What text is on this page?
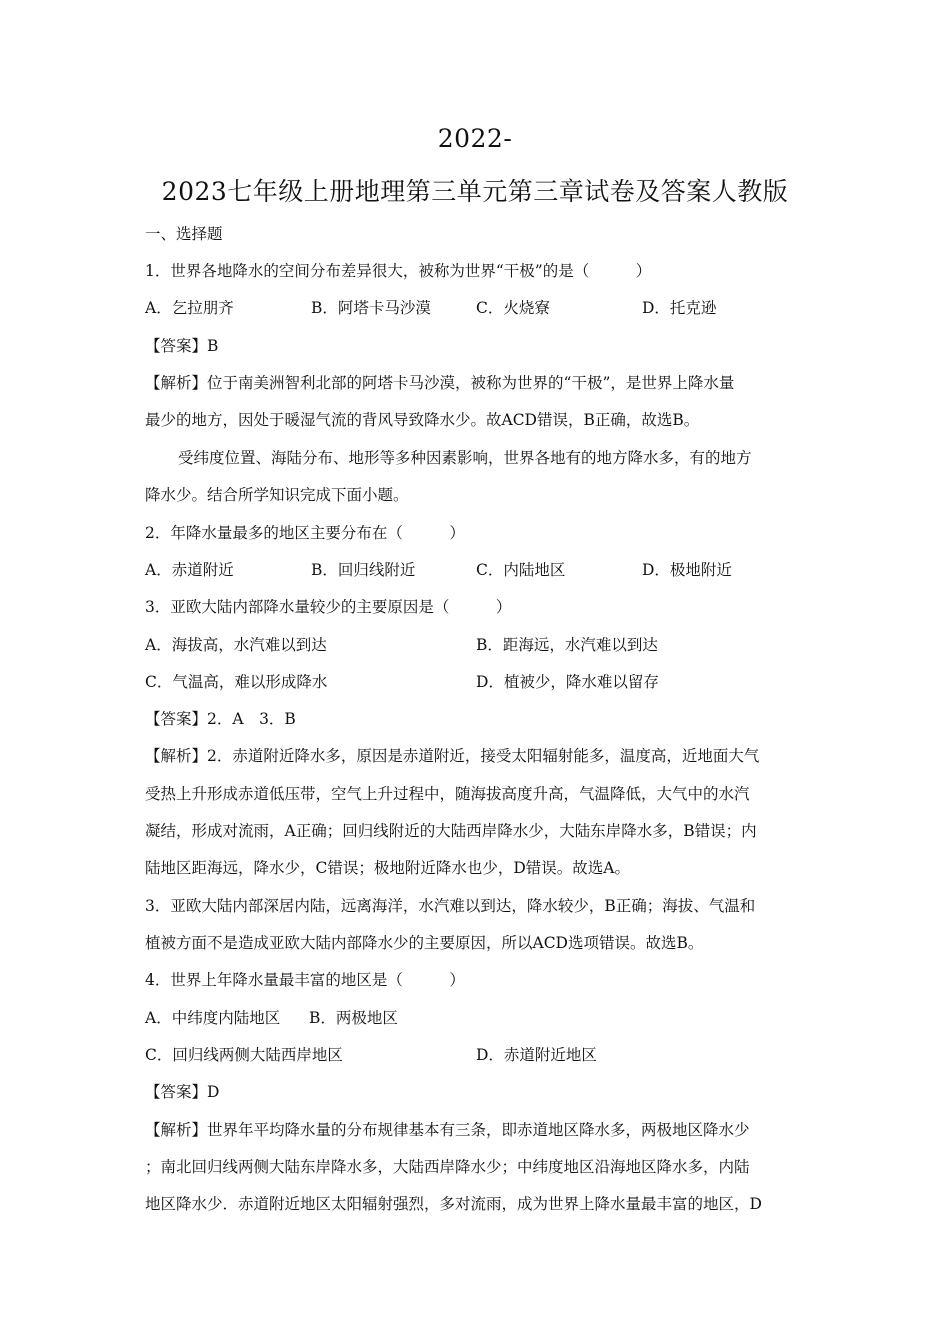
2022-
2023七年级上册地理第三单元第三章试卷及答案人教版
一、选择题
1．世界各地降水的空间分布差异很大，被称为世界“干极”的是（　　　）
A．乞拉朋齐	B．阿塔卡马沙漠	C．火烧寮	D．托克逊
【答案】B
【解析】位于南美洲智利北部的阿塔卡马沙漠，被称为世界的“干极”，是世界上降水量
最少的地方，因处于暖湿气流的背风导致降水少。故ACD错误，B正确，故选B。
受纬度位置、海陆分布、地形等多种因素影响，世界各地有的地方降水多，有的地方
降水少。结合所学知识完成下面小题。
2．年降水量最多的地区主要分布在（　　　）
A．赤道附近	B．回归线附近	C．内陆地区	D．极地附近
3．亚欧大陆内部降水量较少的主要原因是（　　　）
A．海拔高，水汽难以到达	B．距海远，水汽难以到达
C．气温高，难以形成降水	D．植被少，降水难以留存
【答案】2．A　3．B
【解析】2．赤道附近降水多，原因是赤道附近，接受太阳辐射能多，温度高，近地面大气
受热上升形成赤道低压带，空气上升过程中，随海拔高度升高，气温降低，大气中的水汽
凝结，形成对流雨，A正确；回归线附近的大陆西岸降水少，大陆东岸降水多，B错误；内
陆地区距海远，降水少，C错误；极地附近降水也少，D错误。故选A。
3．亚欧大陆内部深居内陆，远离海洋，水汽难以到达，降水较少，B正确；海拔、气温和
植被方面不是造成亚欧大陆内部降水少的主要原因，所以ACD选项错误。故选B。
4．世界上年降水量最丰富的地区是（　　　）
A．中纬度内陆地区 B．两极地区
C．回归线两侧大陆西岸地区	D．赤道附近地区
【答案】D
【解析】世界年平均降水量的分布规律基本有三条，即赤道地区降水多，两极地区降水少
；南北回归线两侧大陆东岸降水多，大陆西岸降水少；中纬度地区沿海地区降水多，内陆
地区降水少．赤道附近地区太阳辐射强烈，多对流雨，成为世界上降水量最丰富的地区，D
